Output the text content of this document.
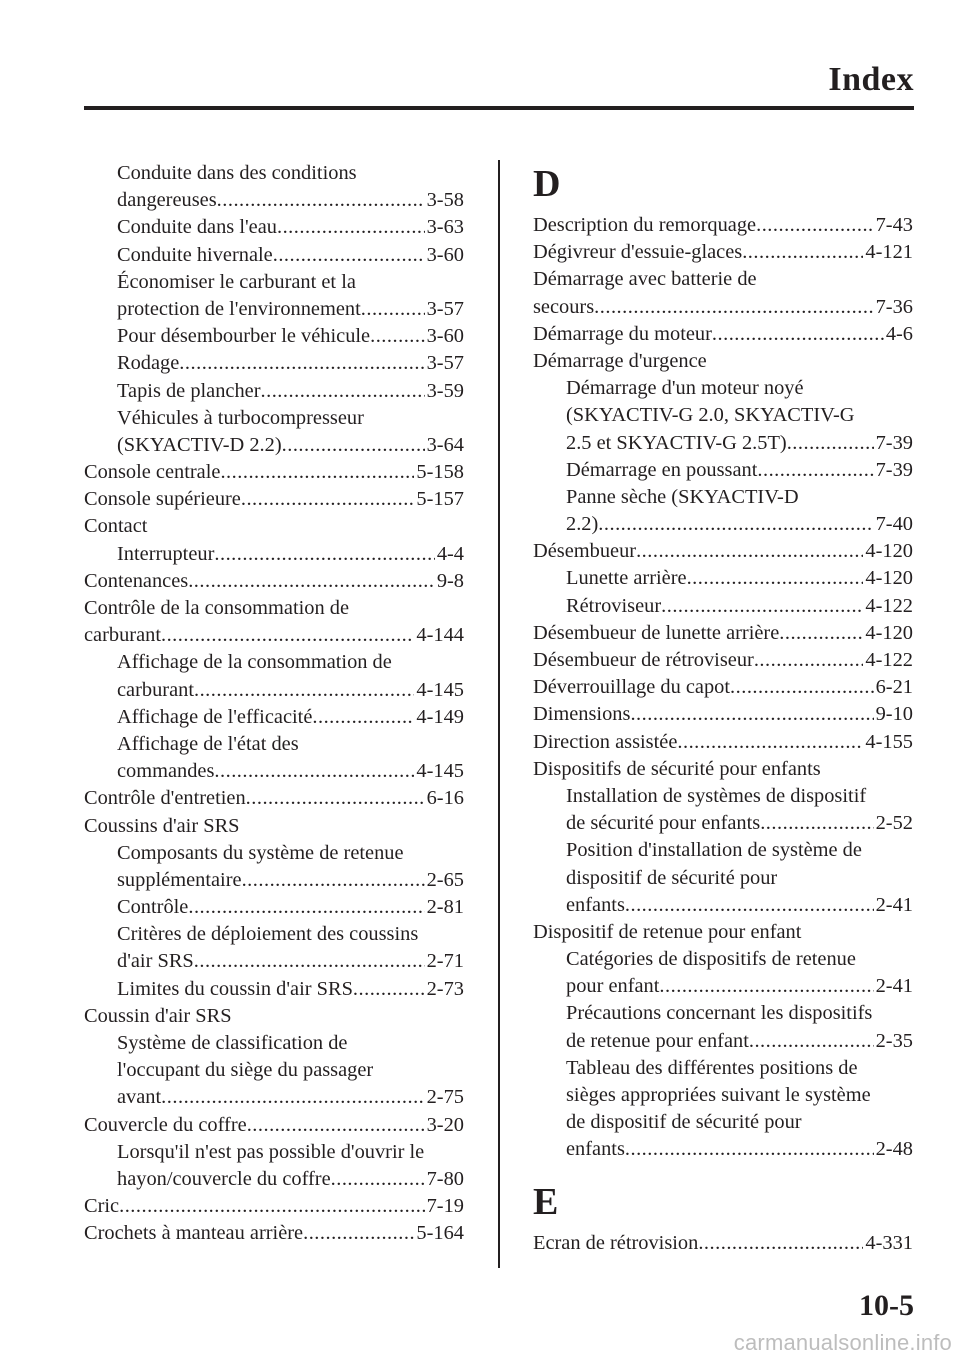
Index
Conduite dans des conditions
dangereuses .....	3-58
Conduite dans l'eau .....	3-63
Conduite hivernale .....	3-60
Économiser le carburant et la
protection de l'environnement .....	3-57
Pour désembourber le véhicule .....	3-60
Rodage .....	3-57
Tapis de plancher .....	3-59
Véhicules à turbocompresseur
(SKYACTIV-D 2.2) .....	3-64
Console centrale .....	5-158
Console supérieure .....	5-157
Contact
Interrupteur .....	4-4
Contenances .....	9-8
Contrôle de la consommation de
carburant .....	4-144
Affichage de la consommation de
carburant .....	4-145
Affichage de l'efficacité .....	4-149
Affichage de l'état des
commandes .....	4-145
Contrôle d'entretien .....	6-16
Coussins d'air SRS
Composants du système de retenue
supplémentaire .....	2-65
Contrôle .....	2-81
Critères de déploiement des coussins
d'air SRS .....	2-71
Limites du coussin d'air SRS .....	2-73
Coussin d'air SRS
Système de classification de
l'occupant du siège du passager
avant .....	2-75
Couvercle du coffre .....	3-20
Lorsqu'il n'est pas possible d'ouvrir le
hayon/couvercle du coffre .....	7-80
Cric .....	7-19
Crochets à manteau arrière .....	5-164
D
Description du remorquage .....	7-43
Dégivreur d'essuie-glaces .....	4-121
Démarrage avec batterie de
secours .....	7-36
Démarrage du moteur .....	4-6
Démarrage d'urgence
Démarrage d'un moteur noyé
(SKYACTIV-G 2.0, SKYACTIV-G
2.5 et SKYACTIV-G 2.5T) .....	7-39
Démarrage en poussant .....	7-39
Panne sèche (SKYACTIV-D
2.2) .....	7-40
Désembueur .....	4-120
Lunette arrière .....	4-120
Rétroviseur .....	4-122
Désembueur de lunette arrière .....	4-120
Désembueur de rétroviseur .....	4-122
Déverrouillage du capot .....	6-21
Dimensions .....	9-10
Direction assistée .....	4-155
Dispositifs de sécurité pour enfants
Installation de systèmes de dispositif
de sécurité pour enfants .....	2-52
Position d'installation de système de
dispositif de sécurité pour
enfants .....	2-41
Dispositif de retenue pour enfant
Catégories de dispositifs de retenue
pour enfant .....	2-41
Précautions concernant les dispositifs
de retenue pour enfant .....	2-35
Tableau des différentes positions de
sièges appropriées suivant le système
de dispositif de sécurité pour
enfants .....	2-48
E
Ecran de rétrovision .....	4-331
10-5
carmanualsonline.info
